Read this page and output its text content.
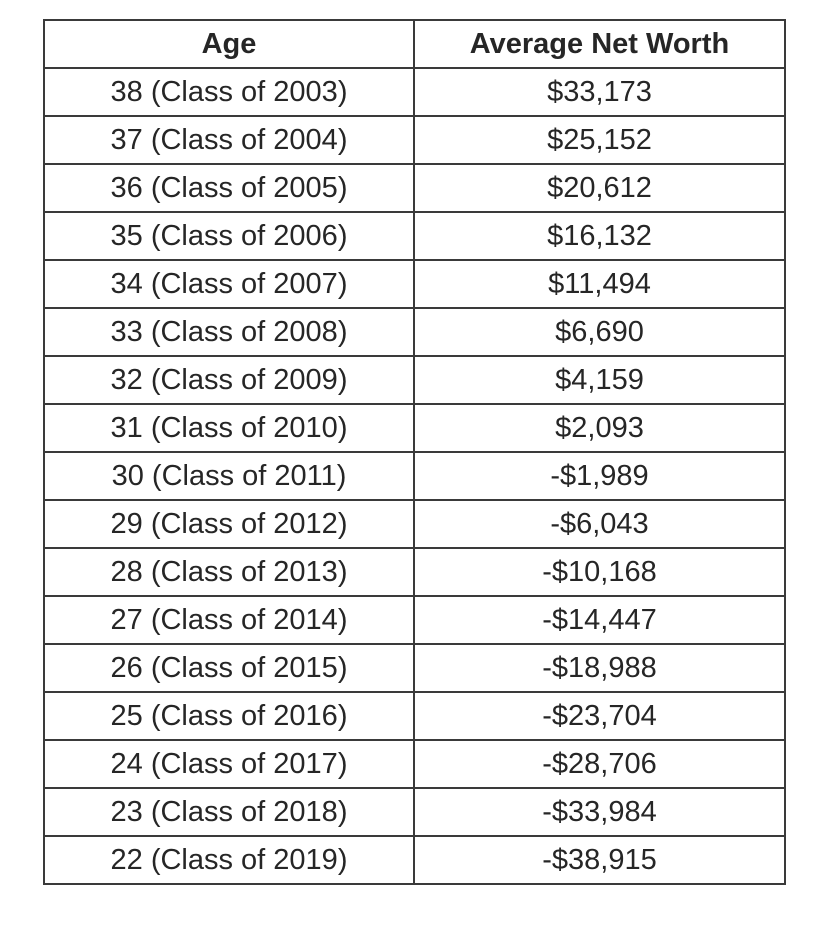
Age	Average Net Worth
38 (Class of 2003)	$33,173
37 (Class of 2004)	$25,152
36 (Class of 2005)	$20,612
35 (Class of 2006)	$16,132
34 (Class of 2007)	$11,494
33 (Class of 2008)	$6,690
32 (Class of 2009)	$4,159
31 (Class of 2010)	$2,093
30 (Class of 2011)	-$1,989
29 (Class of 2012)	-$6,043
28 (Class of 2013)	-$10,168
27 (Class of 2014)	-$14,447
26 (Class of 2015)	-$18,988
25 (Class of 2016)	-$23,704
24 (Class of 2017)	-$28,706
23 (Class of 2018)	-$33,984
22 (Class of 2019)	-$38,915
